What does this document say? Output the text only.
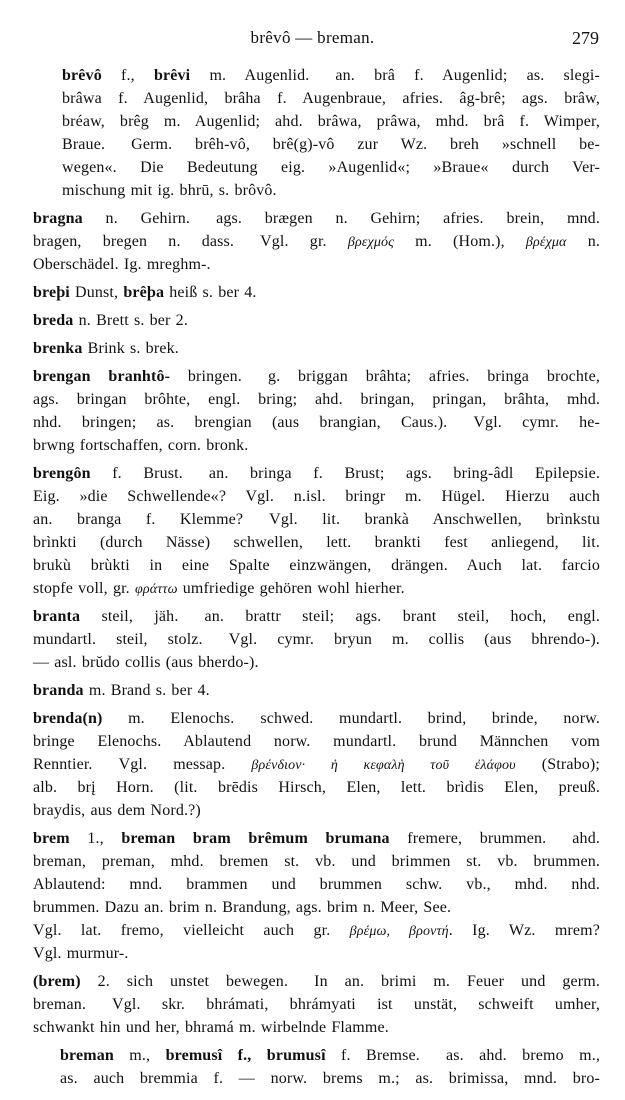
brêvô — breman.	279
brêvô f., brêvi m. Augenlid. an. brâ f. Augenlid; as. slegi-
brâwa f. Augenlid, brâha f. Augenbraue, afries. âg-brê; ags. brâw,
bréaw, brêg m. Augenlid; ahd. brâwa, prâwa, mhd. brâ f. Wimper,
Braue. Germ. brêh-vô, brê(g)-vô zur Wz. breh »schnell be-
wegen«. Die Bedeutung eig. »Augenlid«; »Braue« durch Ver-
mischung mit ig. bhrū, s. brôvô.
bragna n. Gehirn. ags. brægen n. Gehirn; afries. brein, mnd.
bragen, bregen n. dass. Vgl. gr. βρεχμός m. (Hom.), βρέχμα n.
Oberschädel. Ig. mreghm-.
breþi Dunst, brêþa heiß s. ber 4.
breda n. Brett s. ber 2.
brenka Brink s. brek.
brengan branhtô- bringen. g. briggan brâhta; afries. bringa brochte,
ags. bringan brôhte, engl. bring; ahd. bringan, pringan, brâhta, mhd.
nhd. bringen; as. brengian (aus brangian, Caus.). Vgl. cymr. he-
brwng fortschaffen, corn. bronk.
brengôn f. Brust. an. bringa f. Brust; ags. bring-âdl Epilepsie.
Eig. »die Schwellende«? Vgl. n.isl. bringr m. Hügel. Hierzu auch
an. branga f. Klemme? Vgl. lit. brankà Anschwellen, brìnkstu
brìnkti (durch Nässe) schwellen, lett. brankti fest anliegend, lit.
brukù brùkti in eine Spalte einzwängen, drängen. Auch lat. farcio
stopfe voll, gr. φράττω umfriedige gehören wohl hierher.
branta steil, jäh. an. brattr steil; ags. brant steil, hoch, engl.
mundartl. steil, stolz. Vgl. cymr. bryun m. collis (aus bhrendo-).
— asl. brŭdo collis (aus bherdo-).
branda m. Brand s. ber 4.
brenda(n) m. Elenochs. schwed. mundartl. brind, brinde, norw.
bringe Elenochs. Ablautend norw. mundartl. brund Männchen vom
Renntier. Vgl. messap. βρένδιον· ἡ κεφαλὴ τοῦ ἐλάφου (Strabo);
alb. brį Horn. (lit. brēdis Hirsch, Elen, lett. brìdis Elen, preuß.
braydis, aus dem Nord.?)
brem 1., breman bram brêmum brumana fremere, brummen. ahd.
breman, preman, mhd. bremen st. vb. und brimmen st. vb. brummen.
Ablautend: mnd. brammen und brummen schw. vb., mhd. nhd.
brummen. Dazu an. brim n. Brandung, ags. brim n. Meer, See.
Vgl. lat. fremo, vielleicht auch gr. βρέμω, βροντή. Ig. Wz. mrem?
Vgl. murmur-.
(brem) 2. sich unstet bewegen. In an. brimi m. Feuer und germ.
breman. Vgl. skr. bhrámati, bhrámyati ist unstät, schweift umher,
schwankt hin und her, bhramá m. wirbelnde Flamme.
breman m., bremusî f., brumusî f. Bremse. as. ahd. bremo m.,
as. auch bremmia f. — norw. brems m.; as. brimissa, mnd. bro-
